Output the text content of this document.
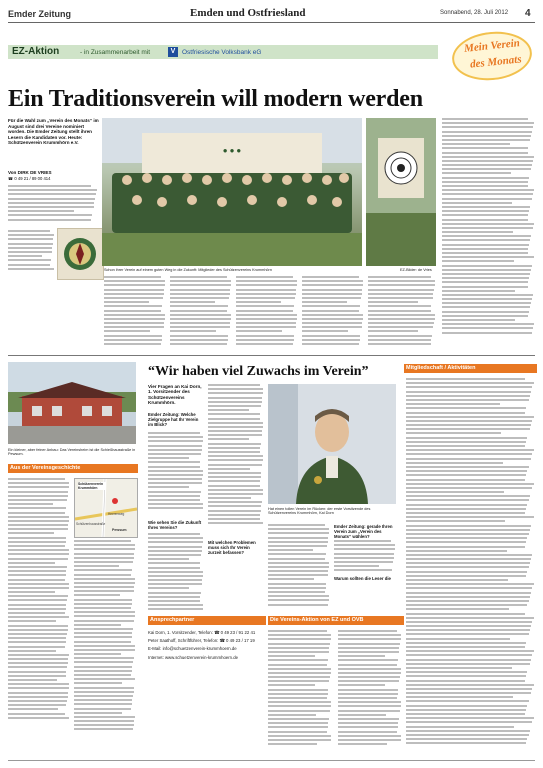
Emder Zeitung	Emden und Ostfriesland	Sonnabend, 28. Juli 2012 4
EZ-Aktion	- in Zusammenarbeit mit	V	Ostfriesische Volksbank eG	Mein Verein
des Monats
Ein Traditionsverein will modern werden
Für die Wahl zum „Verein des Monats“ im August sind drei Vereine nominiert worden. Die Emder Zeitung stellt ihren Lesern die Kandidaten vor. Heute: Schützenverein Krummhörn e.V.
Von DIRK DE VRIES
☎ 0 49 21 / 89 00 414
● ● ●
Schon ihrer Verein auf einem guten Weg in die Zukunft: Mitglieder des Schützenvereins Krummhörn	EZ-Bilder: de Vries
Ein kleiner, aber feiner Anbau: Das Vereinsheim ist die Schießhausstraße in Pewsum.
Aus der Vereinsgeschichte
Schützenverein Krummhörn
Heerenweg
Schützenhausstraße
Pewsum
“Wir haben viel Zuwachs im Verein”
Vier Fragen an Kai Dorn, 1. Vorsitzender des Schützenvereins Krummhörn.
Emder Zeitung: Welche Zielgruppe hat Ihr Verein im Blick?
Wie sehen Sie die Zukunft Ihres Vereins?
Mit welchen Problemen muss sich Ihr Verein zurzeit befassen?
Hat einen tollen Verein im Rücken: der erste Vorsitzende des Schützenvereins Krummhörn, Kai Dorn
Emder Zeitung: gerade Ihren Verein zum „Verein des Monats“ wählen?
Warum sollten die Leser die
Mitgliedschaft / Aktivitäten
Ansprechpartner
Kai Dorn, 1. Vorsitzender, Telefon: ☎ 0 49 23 / 91 22 41
Peter Saathoff, Schriftführer, Telefon: ☎ 0 49 23 / 17 19
E-Mail: info@schuetzenverein-krummhoern.de
Internet: www.schuetzenverein-krummhoern.de
Die Vereins-Aktion von EZ und OVB
